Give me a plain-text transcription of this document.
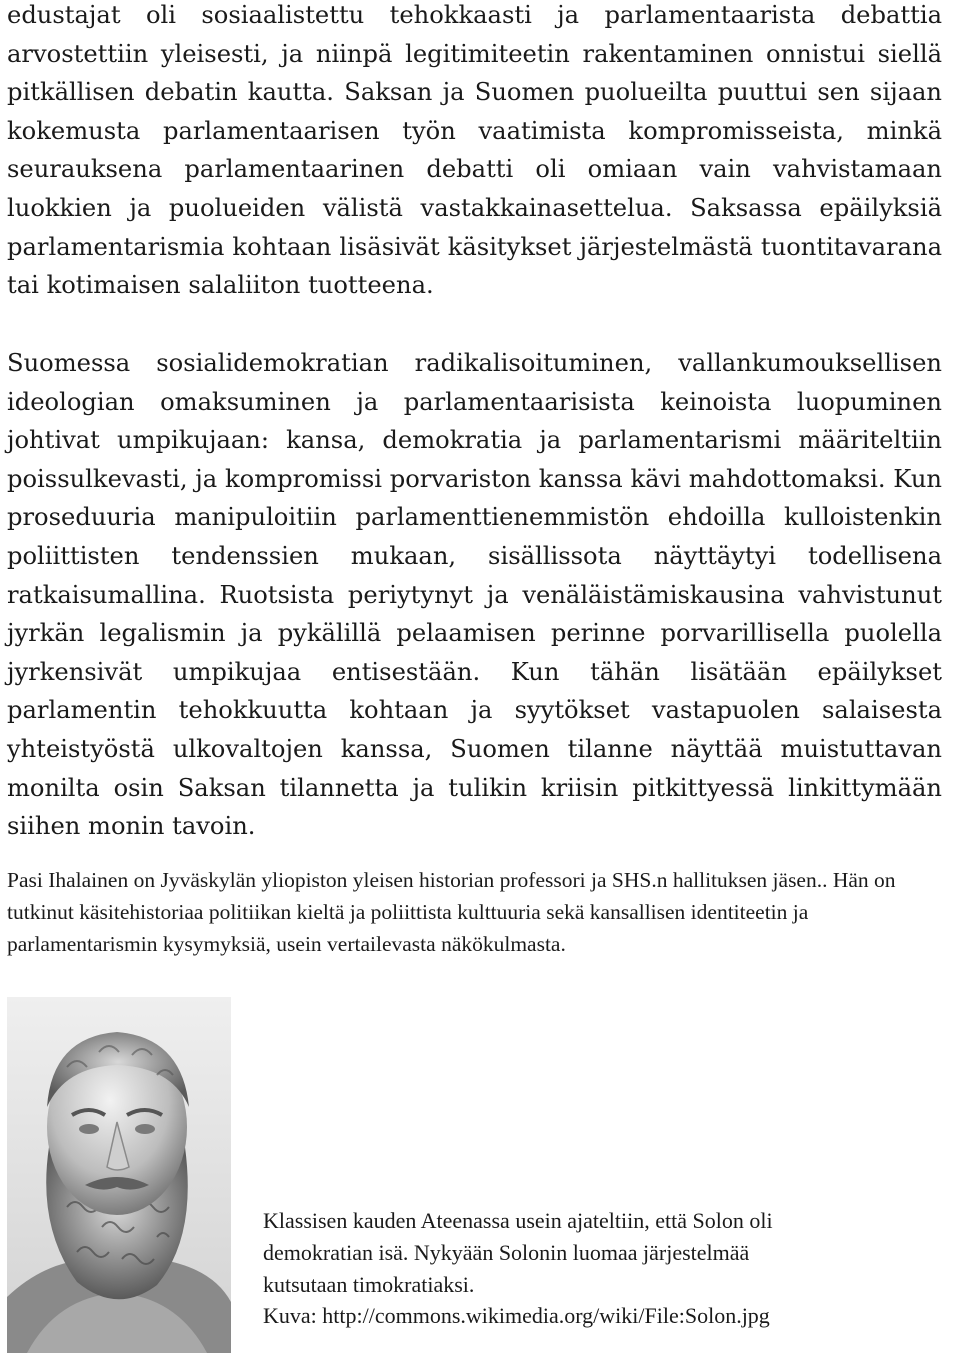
edustajat oli sosiaalistettu tehokkaasti ja parlamentaarista debattia arvostettiin yleisesti, ja niinpä legitimiteetin rakentaminen onnistui siellä pitkällisen debatin kautta. Saksan ja Suomen puolueilta puuttui sen sijaan kokemusta parlamentaarisen työn vaatimista kompromisseista, minkä seurauksena parlamentaarinen debatti oli omiaan vain vahvistamaan luokkien ja puolueiden välistä vastakkainasettelua. Saksassa epäilyksiä parlamentarismia kohtaan lisäsivät käsitykset järjestelmästä tuontitavarana tai kotimaisen salaliiton tuotteena.

Suomessa sosialidemokratian radikalisoituminen, vallankumouksellisen ideologian omaksuminen ja parlamentaarisista keinoista luopuminen johtivat umpikujaan: kansa, demokratia ja parlamentarismi määriteltiin poissulkevasti, ja kompromissi porvariston kanssa kävi mahdottomaksi. Kun proseduuria manipuloitiin parlamenttienemmistön ehdoilla kulloistenkin poliittisten tendenssien mukaan, sisällissota näyttäytyi todellisena ratkaisumallina. Ruotsista periytynyt ja venäläistämiskausina vahvistunut jyrkän legalismin ja pykälillä pelaamisen perinne porvarillisella puolella jyrkensivät umpikujaa entisestään. Kun tähän lisätään epäilykset parlamentin tehokkuutta kohtaan ja syytökset vastapuolen salaisesta yhteistyöstä ulkovaltojen kanssa, Suomen tilanne näyttää muistuttavan monilta osin Saksan tilannetta ja tulikin kriisin pitkittyessä linkittymään siihen monin tavoin.

Pasi Ihalainen on Jyväskylän yliopiston yleisen historian professori ja SHS.n hallituksen jäsen.. Hän on tutkinut käsitehistoriaa politiikan kieltä ja poliittista kulttuuria sekä kansallisen identiteetin ja parlamentarismin kysymyksiä, usein vertailevasta näkökulmasta.

Klassisen kauden Ateenassa usein ajateltiin, että Solon oli
demokratian isä. Nykyään Solonin luomaa järjestelmää
kutsutaan timokratiaksi.
Kuva: http://commons.wikimedia.org/wiki/File:Solon.jpg
